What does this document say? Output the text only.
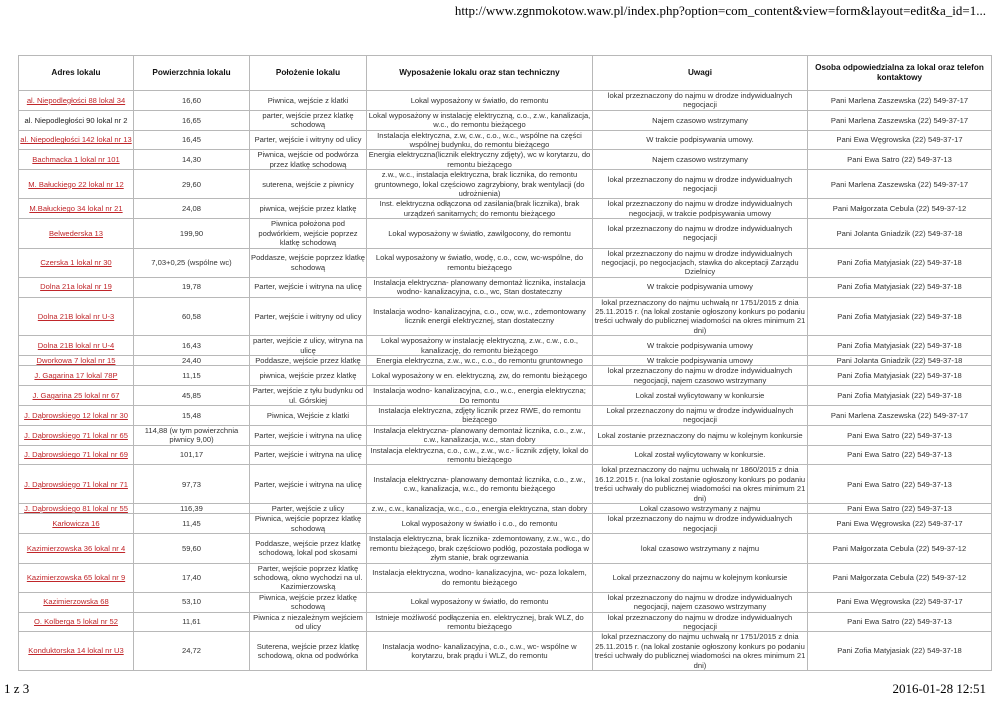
http://www.zgnmokotow.waw.pl/index.php?option=com_content&view=form&layout=edit&a_id=1...
Adres lokalu	Powierzchnia lokalu	Położenie lokalu	Wyposażenie lokalu oraz stan techniczny	Uwagi	Osoba odpowiedzialna za lokal oraz telefon kontaktowy
al. Niepodległości 88 lokal 34	16,60	Piwnica, wejście z klatki	Lokal wyposażony w światło, do remontu	lokal przeznaczony do najmu w drodze indywidualnych negocjacji	Pani Marlena Zaszewska (22) 549-37-17
al. Niepodległości 90 lokal nr 2	16,65	parter, wejście przez klatkę schodową	Lokal wyposażony w instalację elektryczną, c.o., z.w., kanalizacja, w.c., do remontu bieżącego	Najem czasowo wstrzymany	Pani Marlena Zaszewska (22) 549-37-17
al. Niepodległości 142 lokal nr 13	16,45	Parter, wejście i witryny od ulicy	Instalacja elektryczna, z.w, c.w., c.o., w.c., wspólne na części wspólnej budynku, do remontu bieżącego	W trakcie podpisywania umowy.	Pani Ewa Węgrowska (22) 549-37-17
Bachmacka 1 lokal nr 101	14,30	Piwnica, wejście od podwórza przez klatkę schodową	Energia elektryczna(licznik elektryczny zdjęty), wc w korytarzu, do remontu bieżącego	Najem czasowo wstrzymany	Pani Ewa Satro (22) 549-37-13
M. Bałuckiego 22 lokal nr 12	29,60	suterena, wejście z piwnicy	z.w., w.c., instalacja elektryczna, brak licznika, do remontu gruntownego, lokal częściowo zagrzybiony, brak wentylacji (do udrożnienia)	lokal przeznaczony do najmu w drodze indywidualnych negocjacji	Pani Marlena Zaszewska (22) 549-37-17
M.Bałuckiego 34 lokal nr 21	24,08	piwnica, wejście przez klatkę	Inst. elektryczna odłączona od zasilania(brak licznika), brak urządzeń sanitarnych; do remontu bieżącego	lokal przeznaczony do najmu w drodze indywidualnych negocjacji, w trakcie podpisywania umowy	Pani Małgorzata Cebula (22) 549-37-12
Belwederska 13	199,90	Piwnica położona pod podwórkiem, wejście poprzez klatkę schodową	Lokal wyposażony w światło, zawilgocony, do remontu	lokal przeznaczony do najmu w drodze indywidualnych negocjacji	Pani Jolanta Gniadzik (22) 549-37-18
Czerska 1 lokal nr 30	7,03+0,25 (wspólne wc)	Poddasze, wejście poprzez klatkę schodową	Lokal wyposażony w światło, wodę, c.o., ccw, wc-wspólne, do remontu bieżącego	lokal przeznaczony do najmu w drodze indywidualnych negocjacji, po negocjacjach, stawka do akceptacji Zarządu Dzielnicy	Pani Zofia Matyjasiak (22) 549-37-18
Dolna 21a lokal nr 19	19,78	Parter, wejście i witryna na ulicę	Instalacja elektryczna- planowany demontaż licznika, instalacja wodno- kanalizacyjna, c.o., wc, Stan dostateczny	W trakcie podpisywania umowy	Pani Zofia Matyjasiak (22) 549-37-18
Dolna 21B lokal nr U-3	60,58	Parter, wejście i witryny od ulicy	Instalacja wodno- kanalizacyjna, c.o., ccw, w.c., zdemontowany licznik energii elektrycznej, stan dostateczny	lokal przeznaczony do najmu uchwałą nr 1751/2015 z dnia 25.11.2015 r. (na lokal zostanie ogłoszony konkurs po podaniu treści uchwały do publicznej wiadomości na okres minimum 21 dni)	Pani Zofia Matyjasiak (22) 549-37-18
Dolna 21B lokal nr U-4	16,43	parter, wejście z ulicy, witryna na ulicę	Lokal wyposażony w instalację elektryczną, z.w., c.w., c.o., kanalizację, do remontu bieżącego	W trakcie podpisywania umowy	Pani Zofia Matyjasiak (22) 549-37-18
Dworkowa 7 lokal nr 15	24,40	Poddasze, wejście przez klatkę	Energia elektryczna, z.w., w.c., c.o., do remontu gruntownego	W trakcie podpisywania umowy	Pani Jolanta Gniadzik (22) 549-37-18
J. Gagarina 17 lokal 78P	11,15	piwnica, wejście przez klatkę	Lokal wyposażony w en. elektryczną, zw, do remontu bieżącego	lokal przeznaczony do najmu w drodze indywidualnych negocjacji, najem czasowo wstrzymany	Pani Zofia Matyjasiak (22) 549-37-18
J. Gagarina 25 lokal nr 67	45,85	Parter, wejście z tyłu budynku od ul. Górskiej	Instalacja wodno- kanalizacyjna, c.o., w.c., energia elektryczna; Do remontu	Lokal został wylicytowany w konkursie	Pani Zofia Matyjasiak (22) 549-37-18
J. Dąbrowskiego 12 lokal nr 30	15,48	Piwnica, Wejście z klatki	Instalacja elektryczna, zdjęty licznik przez RWE, do remontu bieżącego	Lokal przeznaczony do najmu w drodze indywidualnych negocjacji	Pani Marlena Zaszewska (22) 549-37-17
J. Dąbrowskiego 71 lokal nr 65	114,88 (w tym powierzchnia piwnicy 9,00)	Parter, wejście i witryna na ulicę	Instalacja elektryczna- planowany demontaż licznika, c.o., z.w., c.w., kanalizacja, w.c., stan dobry	Lokal zostanie przeznaczony do najmu w kolejnym konkursie	Pani Ewa Satro (22) 549-37-13
J. Dąbrowskiego 71 lokal nr 69	101,17	Parter, wejście i witryna na ulicę	Instalacja elektryczna, c.o., c.w., z.w., w.c.- licznik zdjęty, lokal do remontu bieżącego	Lokal został wylicytowany w konkursie.	Pani Ewa Satro (22) 549-37-13
J. Dąbrowskiego 71 lokal nr 71	97,73	Parter, wejście i witryna na ulicę	Instalacja elektryczna- planowany demontaż licznika, c.o., z.w., c.w., kanalizacja, w.c., do remontu bieżącego	lokal przeznaczony do najmu uchwałą nr 1860/2015 z dnia 16.12.2015 r. (na lokal zostanie ogłoszony konkurs po podaniu treści uchwały do publicznej wiadomości na okres minimum 21 dni)	Pani Ewa Satro (22) 549-37-13
J. Dąbrowskiego 81 lokal nr 55	116,39	Parter, wejście z ulicy	z.w., c.w., kanalizacja, w.c., c.o., energia elektryczna, stan dobry	Lokal czasowo wstrzymany z najmu	Pani Ewa Satro (22) 549-37-13
Karłowicza 16	11,45	Piwnica, wejście poprzez klatkę schodową	Lokal wyposażony w światło i c.o., do remontu	lokal przeznaczony do najmu w drodze indywidualnych negocjacji	Pani Ewa Węgrowska (22) 549-37-17
Kazimierzowska 36 lokal nr 4	59,60	Poddasze, wejście przez klatkę schodową, lokal pod skosami	Instalacja elektryczna, brak licznika- zdemontowany, z.w., w.c., do remontu bieżącego, brak częściowo podłóg, pozostała podłoga w złym stanie, brak ogrzewania	lokal czasowo wstrzymany z najmu	Pani Małgorzata Cebula (22) 549-37-12
Kazimierzowska 65 lokal nr 9	17,40	Parter, wejście poprzez klatkę schodową, okno wychodzi na ul. Kazimierzowską	Instalacja elektryczna, wodno- kanalizacyjna, wc- poza lokalem, do remontu bieżącego	Lokal przeznaczony do najmu w kolejnym konkursie	Pani Małgorzata Cebula (22) 549-37-12
Kazimierzowska 68	53,10	Piwnica, wejście przez klatkę schodową	Lokal wyposażony w światło, do remontu	lokal przeznaczony do najmu w drodze indywidualnych negocjacji, najem czasowo wstrzymany	Pani Ewa Węgrowska (22) 549-37-17
O. Kolberga 5 lokal nr 52	11,61	Piwnica z niezależnym wejściem od ulicy	Istnieje możliwość podłączenia en. elektrycznej, brak WLZ, do remontu bieżącego	lokal przeznaczony do najmu w drodze indywidualnych negocjacji	Pani Ewa Satro (22) 549-37-13
Konduktorska 14 lokal nr U3	24,72	Suterena, wejście przez klatkę schodową, okna od podwórka	Instalacja wodno- kanalizacyjna, c.o., c.w., wc- wspólne w korytarzu, brak prądu i WLZ, do remontu	lokal przeznaczony do najmu uchwałą nr 1751/2015 z dnia 25.11.2015 r. (na lokal zostanie ogłoszony konkurs po podaniu treści uchwały do publicznej wiadomości na okres minimum 21 dni)	Pani Zofia Matyjasiak (22) 549-37-18
1 z 3	2016-01-28 12:51
